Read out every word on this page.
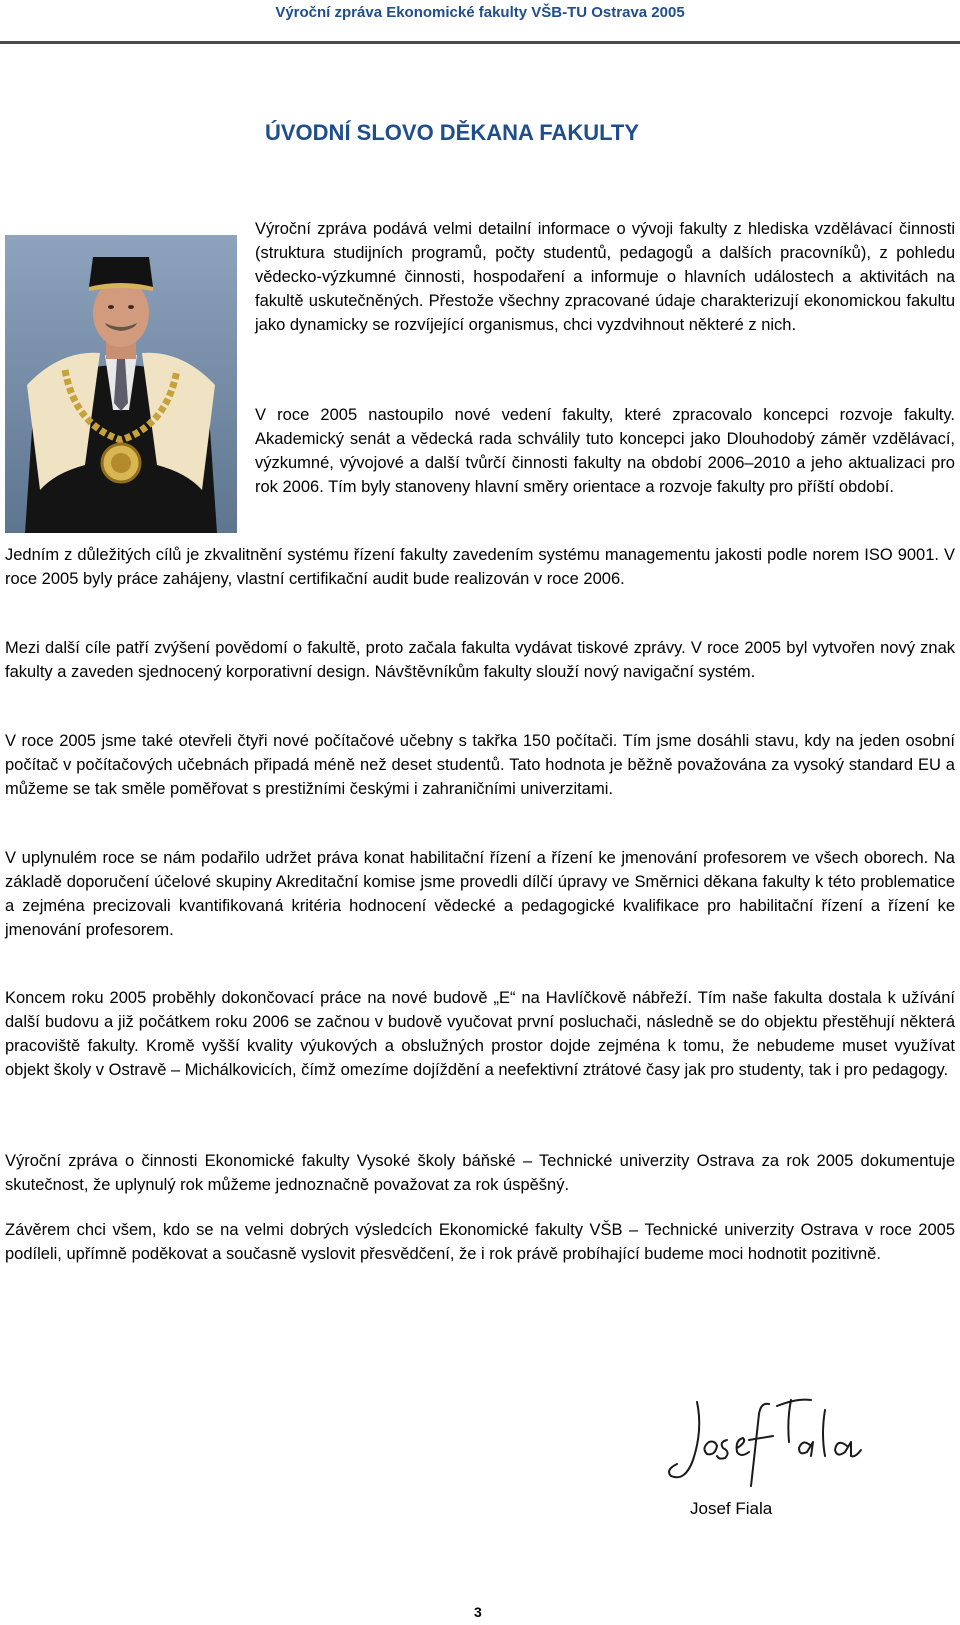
Výroční zpráva Ekonomické fakulty VŠB-TU Ostrava 2005
ÚVODNÍ SLOVO DĚKANA FAKULTY

Výroční zpráva podává velmi detailní informace o vývoji fakulty z hlediska vzdělávací činnosti (struktura studijních programů, počty studentů, pedagogů a dalších pracovníků), z pohledu vědecko-výzkumné činnosti, hospodaření a informuje o hlavních událostech a aktivitách na fakultě uskutečněných. Přestože všechny zpracované údaje charakterizují ekonomickou fakultu jako dynamicky se rozvíjející organismus, chci vyzdvihnout některé z nich.

V roce 2005 nastoupilo nové vedení fakulty, které zpracovalo koncepci rozvoje fakulty. Akademický senát a vědecká rada schválily tuto koncepci jako Dlouhodobý záměr vzdělávací, výzkumné, vývojové a další tvůrčí činnosti fakulty na období 2006–2010 a jeho aktualizaci pro rok 2006. Tím byly stanoveny hlavní směry orientace a rozvoje fakulty pro příští období.

Jedním z důležitých cílů je zkvalitnění systému řízení fakulty zavedením systému managementu jakosti podle norem ISO 9001. V roce 2005 byly práce zahájeny, vlastní certifikační audit bude realizován v roce 2006.

Mezi další cíle patří zvýšení povědomí o fakultě, proto začala fakulta vydávat tiskové zprávy. V roce 2005 byl vytvořen nový znak fakulty a zaveden sjednocený korporativní design. Návštěvníkům fakulty slouží nový navigační systém.

V roce 2005 jsme také otevřeli čtyři nové počítačové učebny s takřka 150 počítači. Tím jsme dosáhli stavu, kdy na jeden osobní počítač v počítačových učebnách připadá méně než deset studentů. Tato hodnota je běžně považována za vysoký standard EU a můžeme se tak směle poměřovat s prestižními českými i zahraničními univerzitami.

V uplynulém roce se nám podařilo udržet práva konat habilitační řízení a řízení ke jmenování profesorem ve všech oborech. Na základě doporučení účelové skupiny Akreditační komise jsme provedli dílčí úpravy ve Směrnici děkana fakulty k této problematice a zejména precizovali kvantifikovaná kritéria hodnocení vědecké a pedagogické kvalifikace pro habilitační řízení a řízení ke jmenování profesorem.

Koncem roku 2005 proběhly dokončovací práce na nové budově „E“ na Havlíčkově nábřeží. Tím naše fakulta dostala k užívání další budovu a již počátkem roku 2006 se začnou v budově vyučovat první posluchači, následně se do objektu přestěhují některá pracoviště fakulty. Kromě vyšší kvality výukových a obslužných prostor dojde zejména k tomu, že nebudeme muset využívat objekt školy v Ostravě – Michálkovicích, čímž omezíme dojíždění a neefektivní ztrátové časy jak pro studenty, tak i pro pedagogy.

Výroční zpráva o činnosti Ekonomické fakulty Vysoké školy báňské – Technické univerzity Ostrava za rok 2005 dokumentuje skutečnost, že uplynulý rok můžeme jednoznačně považovat za rok úspěšný.

Závěrem chci všem, kdo se na velmi dobrých výsledcích Ekonomické fakulty VŠB – Technické univerzity Ostrava v roce 2005 podíleli, upřímně poděkovat a současně vyslovit přesvědčení, že i rok právě probíhající budeme moci hodnotit pozitivně.

Josef Fiala

3
